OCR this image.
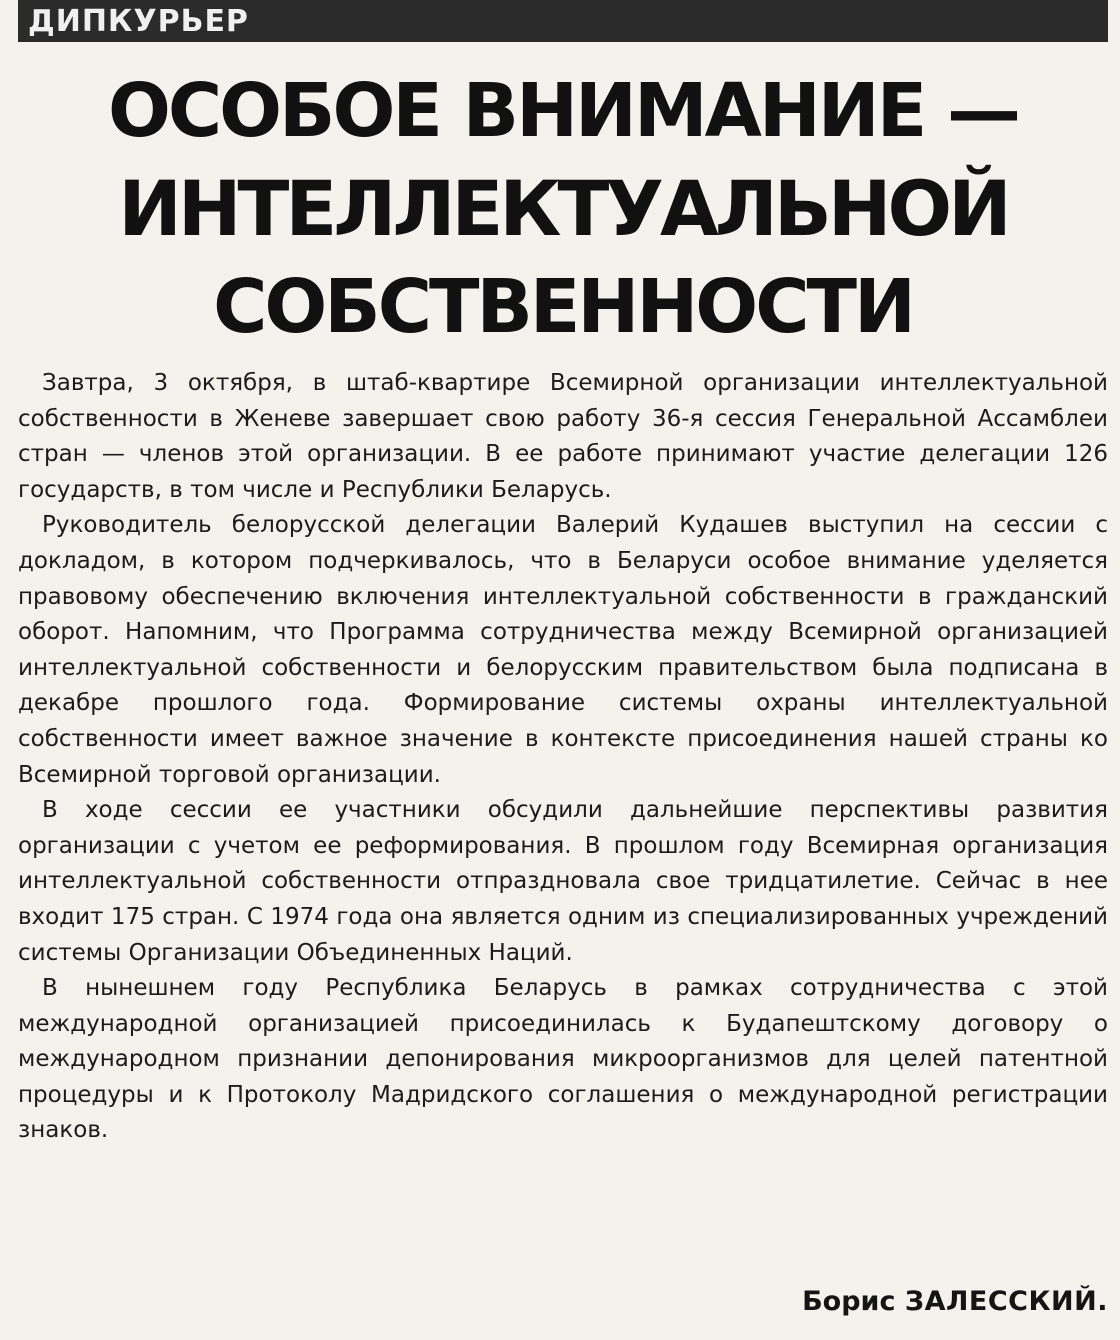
ДИПКУРЬЕР
ОСОБОЕ ВНИМАНИЕ —
ИНТЕЛЛЕКТУАЛЬНОЙ
СОБСТВЕННОСТИ

Завтра, 3 октября, в штаб-квартире Всемирной организации интеллектуальной собственности в Женеве завершает свою работу 36-я сессия Генеральной Ассамблеи стран — членов этой организации. В ее работе принимают участие делегации 126 государств, в том числе и Республики Беларусь.

Руководитель белорусской делегации Валерий Кудашев выступил на сессии с докладом, в котором подчеркивалось, что в Беларуси особое внимание уделяется правовому обеспечению включения интеллектуальной собственности в гражданский оборот. Напомним, что Программа сотрудничества между Всемирной организацией интеллектуальной собственности и белорусским правительством была подписана в декабре прошлого года. Формирование системы охраны интеллектуальной собственности имеет важное значение в контексте присоединения нашей страны ко Всемирной торговой организации.

В ходе сессии ее участники обсудили дальнейшие перспективы развития организации с учетом ее реформирования. В прошлом году Всемирная организация интеллектуальной собственности отпраздновала свое тридцатилетие. Сейчас в нее входит 175 стран. С 1974 года она является одним из специализированных учреждений системы Организации Объединенных Наций.

В нынешнем году Республика Беларусь в рамках сотрудничества с этой международной организацией присоединилась к Будапештскому договору о международном признании депонирования микроорганизмов для целей патентной процедуры и к Протоколу Мадридского соглашения о международной регистрации знаков.

Борис ЗАЛЕССКИЙ.
